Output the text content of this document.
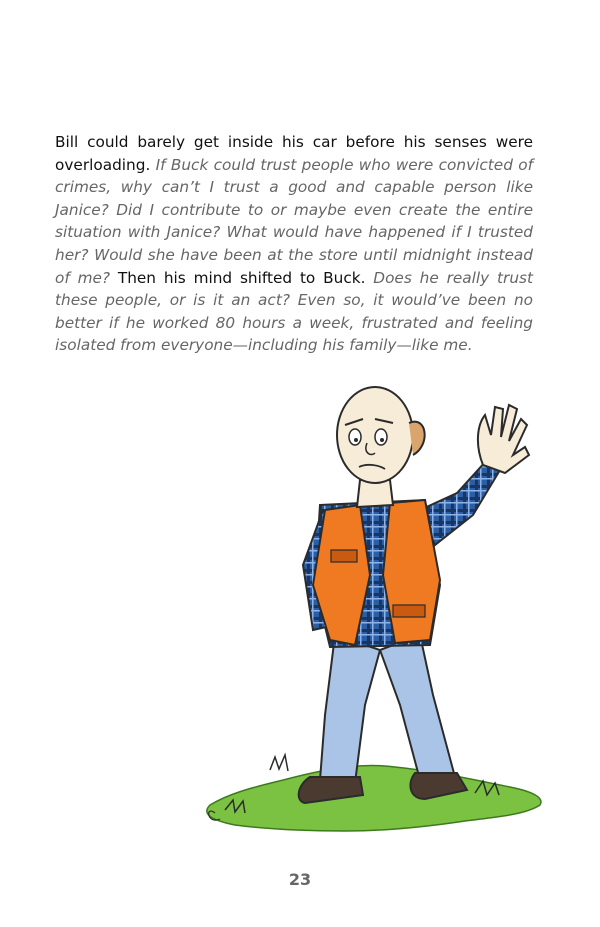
Bill could barely get inside his car before his senses were overloading. If Buck could trust people who were convicted of crimes, why can’t I trust a good and capable person like Janice? Did I contribute to or maybe even create the entire situation with Janice? What would have happened if I trusted her? Would she have been at the store until midnight instead of me? Then his mind shifted to Buck. Does he really trust these people, or is it an act? Even so, it would’ve been no better if he worked 80 hours a week, frustrated and feeling isolated from everyone—including his family—like me.

23
